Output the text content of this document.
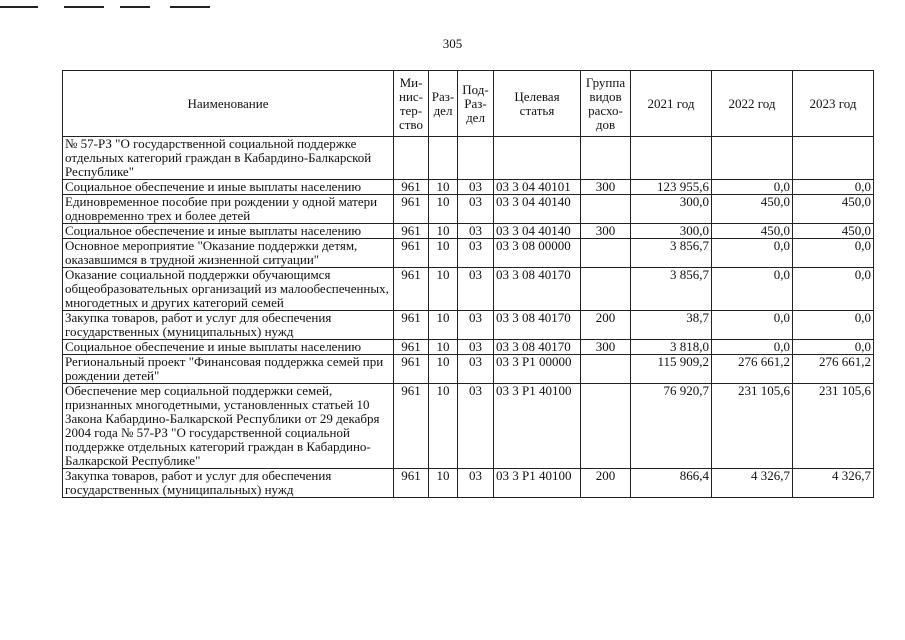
305
Наименование	Ми-
нис-
тер-
ство	Раз-
дел	Под-
Раз-
дел	Целевая
статья	Группа
видов
расхо-
дов	2021 год	2022 год	2023 год
№ 57-РЗ "О государственной социальной поддержке отдельных категорий граждан в Кабардино-Балкарской Республике"								
Социальное обеспечение и иные выплаты населению	961	10	03	03 3 04 40101	300	123 955,6	0,0	0,0
Единовременное пособие при рождении у одной матери одновременно трех и более детей	961	10	03	03 3 04 40140		300,0	450,0	450,0
Социальное обеспечение и иные выплаты населению	961	10	03	03 3 04 40140	300	300,0	450,0	450,0
Основное мероприятие "Оказание поддержки детям, оказавшимся в трудной жизненной ситуации"	961	10	03	03 3 08 00000		3 856,7	0,0	0,0
Оказание социальной поддержки обучающимся общеобразовательных организаций из малообеспеченных, многодетных и других категорий семей	961	10	03	03 3 08 40170		3 856,7	0,0	0,0
Закупка товаров, работ и услуг для обеспечения государственных (муниципальных) нужд	961	10	03	03 3 08 40170	200	38,7	0,0	0,0
Социальное обеспечение и иные выплаты населению	961	10	03	03 3 08 40170	300	3 818,0	0,0	0,0
Региональный проект "Финансовая поддержка семей при рождении детей"	961	10	03	03 3 P1 00000		115 909,2	276 661,2	276 661,2
Обеспечение мер социальной поддержки семей, признанных многодетными, установленных статьей 10 Закона Кабардино-Балкарской Республики от 29 декабря 2004 года № 57-РЗ "О государственной социальной поддержке отдельных категорий граждан в Кабардино-Балкарской Республике"	961	10	03	03 3 P1 40100		76 920,7	231 105,6	231 105,6
Закупка товаров, работ и услуг для обеспечения государственных (муниципальных) нужд	961	10	03	03 3 P1 40100	200	866,4	4 326,7	4 326,7
